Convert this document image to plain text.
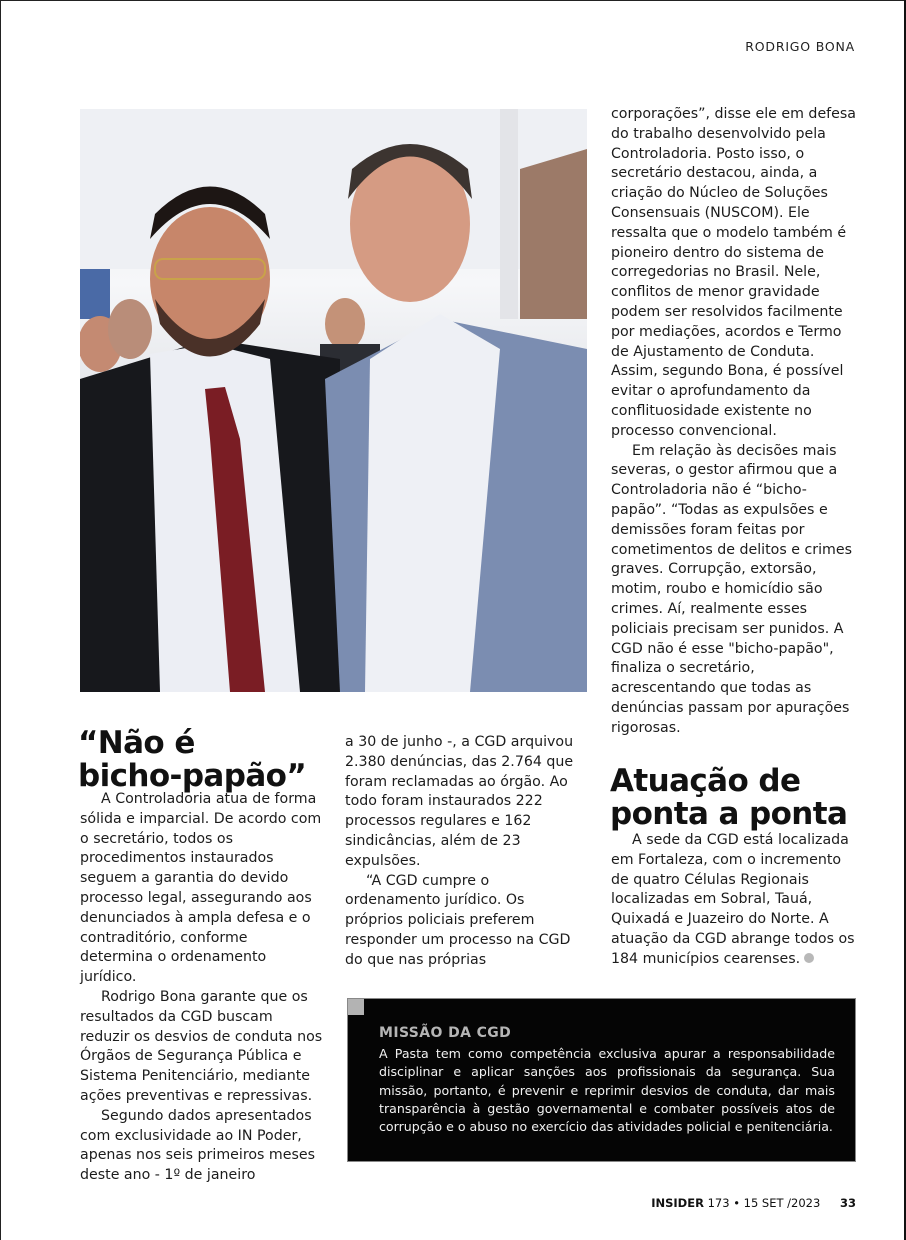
RODRIGO BONA
“Não é
bicho-papão”

A Controladoria atua de forma sólida e imparcial. De acordo com o secretário, todos os procedimentos instaurados seguem a garantia do devido processo legal, assegurando aos denunciados à ampla defesa e o contraditório, conforme determina o ordenamento jurídico.

Rodrigo Bona garante que os resultados da CGD buscam reduzir os desvios de conduta nos Órgãos de Segurança Pública e Sistema Penitenciário, mediante ações preventivas e repressivas.

Segundo dados apresentados com exclusividade ao IN Poder, apenas nos seis primeiros meses deste ano - 1º de janeiro

a 30 de junho -, a CGD arquivou 2.380 denúncias, das 2.764 que foram reclamadas ao órgão. Ao todo foram instaurados 222 processos regulares e 162 sindicâncias, além de 23 expulsões.

“A CGD cumpre o ordenamento jurídico. Os próprios policiais preferem responder um processo na CGD do que nas próprias

corporações”, disse ele em defesa do trabalho desenvolvido pela Controladoria. Posto isso, o secretário destacou, ainda, a criação do Núcleo de Soluções Consensuais (NUSCOM). Ele ressalta que o modelo também é pioneiro dentro do sistema de corregedorias no Brasil. Nele, conflitos de menor gravidade podem ser resolvidos facilmente por mediações, acordos e Termo de Ajustamento de Conduta. Assim, segundo Bona, é possível evitar o aprofundamento da conflituosidade existente no processo convencional.

Em relação às decisões mais severas, o gestor afirmou que a Controladoria não é “bicho-papão”. “Todas as expulsões e demissões foram feitas por cometimentos de delitos e crimes graves. Corrupção, extorsão, motim, roubo e homicídio são crimes. Aí, realmente esses policiais precisam ser punidos. A CGD não é esse "bicho-papão", finaliza o secretário, acrescentando que todas as denúncias passam por apurações rigorosas.

Atuação de
ponta a ponta

A sede da CGD está localizada em Fortaleza, com o incremento de quatro Células Regionais localizadas em Sobral, Tauá, Quixadá e Juazeiro do Norte. A atuação da CGD abrange todos os 184 municípios cearenses.

MISSÃO DA CGD
A Pasta tem como competência exclusiva apurar a responsabilidade disciplinar e aplicar sanções aos profissionais da segurança. Sua missão, portanto, é prevenir e reprimir desvios de conduta, dar mais transparência à gestão governamental e combater possíveis atos de corrupção e o abuso no exercício das atividades policial e penitenciária.
INSIDER 173 • 15 SET /2023 33
